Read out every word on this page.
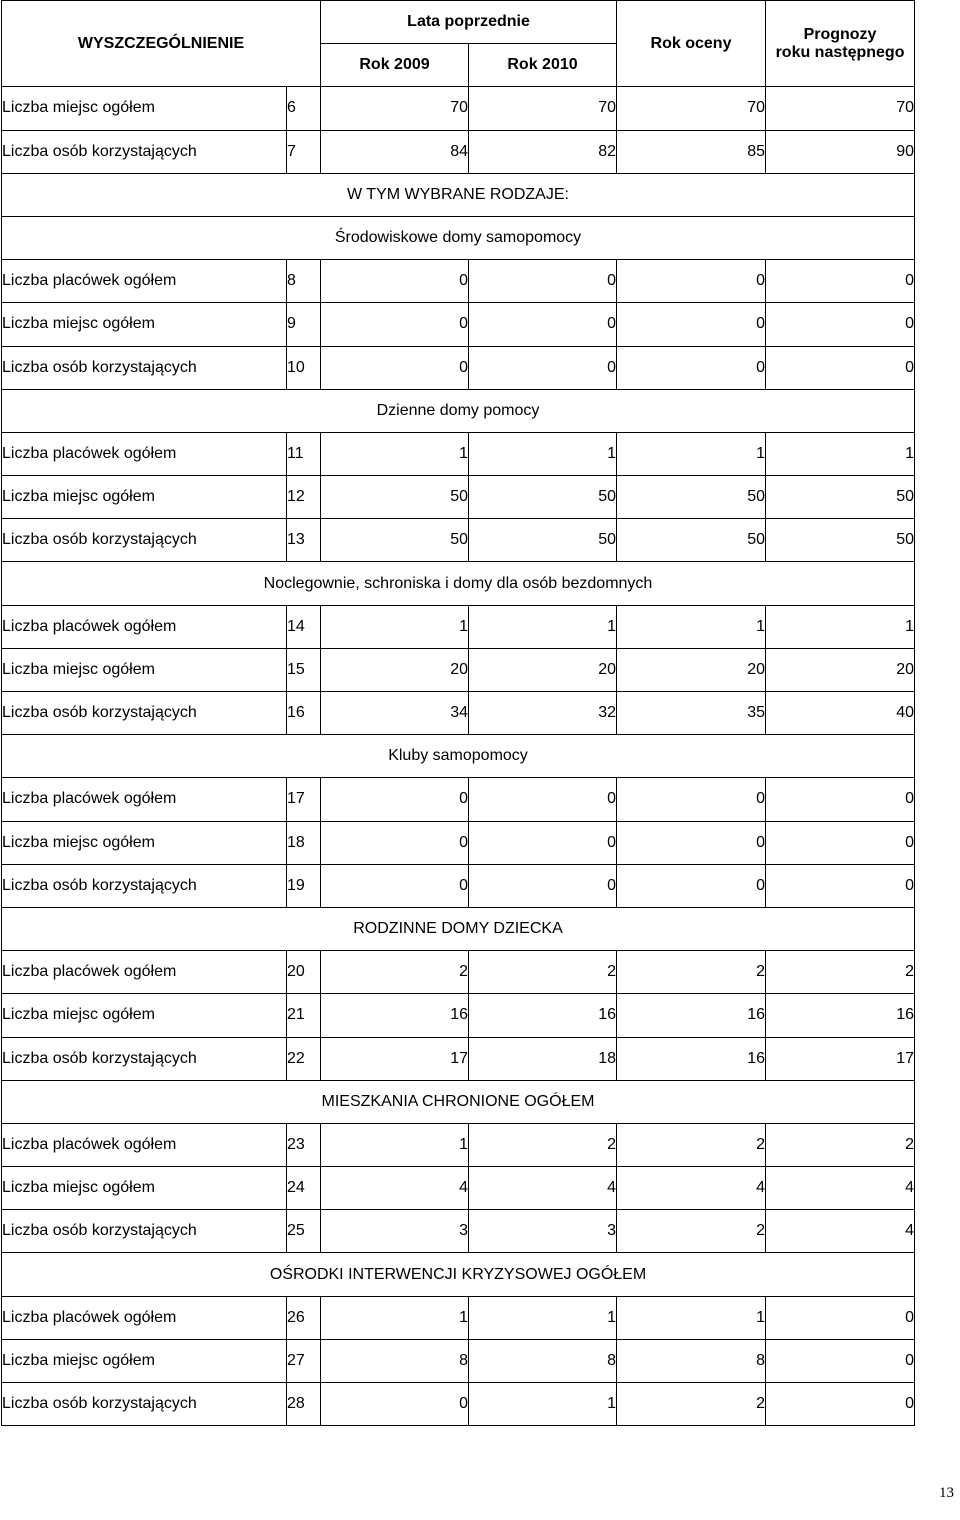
WYSZCZEGÓLNIENIE		Lata poprzednie		Rok oceny	Prognozy
roku następnego
		Rok 2009	Rok 2010		
Liczba miejsc ogółem	6	70	70	70	70
Liczba osób korzystających	7	84	82	85	90
W TYM WYBRANE RODZAJE:					
Środowiskowe domy samopomocy					
Liczba placówek ogółem	8	0	0	0	0
Liczba miejsc ogółem	9	0	0	0	0
Liczba osób korzystających	10	0	0	0	0
Dzienne domy pomocy					
Liczba placówek ogółem	11	1	1	1	1
Liczba miejsc ogółem	12	50	50	50	50
Liczba osób korzystających	13	50	50	50	50
Noclegownie, schroniska i domy dla osób bezdomnych					
Liczba placówek ogółem	14	1	1	1	1
Liczba miejsc ogółem	15	20	20	20	20
Liczba osób korzystających	16	34	32	35	40
Kluby samopomocy					
Liczba placówek ogółem	17	0	0	0	0
Liczba miejsc ogółem	18	0	0	0	0
Liczba osób korzystających	19	0	0	0	0
RODZINNE DOMY DZIECKA					
Liczba placówek ogółem	20	2	2	2	2
Liczba miejsc ogółem	21	16	16	16	16
Liczba osób korzystających	22	17	18	16	17
MIESZKANIA CHRONIONE OGÓŁEM					
Liczba placówek ogółem	23	1	2	2	2
Liczba miejsc ogółem	24	4	4	4	4
Liczba osób korzystających	25	3	3	2	4
OŚRODKI INTERWENCJI KRYZYSOWEJ OGÓŁEM					
Liczba placówek ogółem	26	1	1	1	0
Liczba miejsc ogółem	27	8	8	8	0
Liczba osób korzystających	28	0	1	2	0
13
